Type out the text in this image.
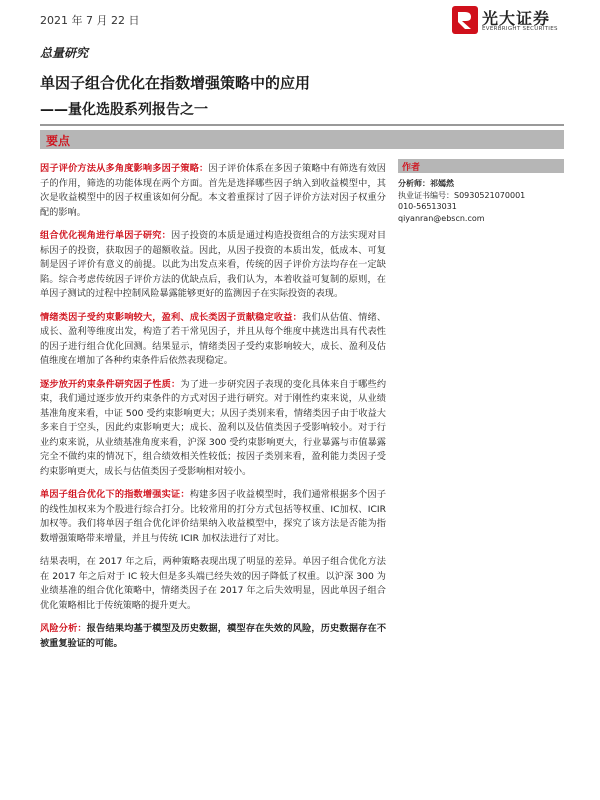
2021 年 7 月 22 日	光大证券
EVERBRIGHT SECURITIES
总量研究
单因子组合优化在指数增强策略中的应用
——量化选股系列报告之一
要点

因子评价方法从多角度影响多因子策略：因子评价体系在多因子策略中有筛选有效因子的作用，筛选的功能体现在两个方面。首先是选择哪些因子纳入到收益模型中，其次是收益模型中的因子权重该如何分配。本文着重探讨了因子评价方法对因子权重分配的影响。

组合优化视角进行单因子研究：因子投资的本质是通过构造投资组合的方法实现对目标因子的投资，获取因子的超额收益。因此，从因子投资的本质出发，低成本、可复制是因子评价有意义的前提。以此为出发点来看，传统的因子评价方法均存在一定缺陷。综合考虑传统因子评价方法的优缺点后，我们认为，本着收益可复制的原则，在单因子测试的过程中控制风险暴露能够更好的监测因子在实际投资的表现。

情绪类因子受约束影响较大，盈利、成长类因子贡献稳定收益：我们从估值、情绪、成长、盈利等维度出发，构造了若干常见因子，并且从每个维度中挑选出具有代表性的因子进行组合优化回测。结果显示，情绪类因子受约束影响较大，成长、盈利及估值维度在增加了各种约束条件后依然表现稳定。

逐步放开约束条件研究因子性质：为了进一步研究因子表现的变化具体来自于哪些约束，我们通过逐步放开约束条件的方式对因子进行研究。对于刚性约束来说，从业绩基准角度来看，中证 500 受约束影响更大；从因子类别来看，情绪类因子由于收益大多来自于空头，因此约束影响更大；成长、盈利以及估值类因子受影响较小。对于行业约束来说，从业绩基准角度来看，沪深 300 受约束影响更大，行业暴露与市值暴露完全不做约束的情况下，组合绩效相关性较低；按因子类别来看，盈利能力类因子受约束影响更大，成长与估值类因子受影响相对较小。

单因子组合优化下的指数增强实证：构建多因子收益模型时，我们通常根据多个因子的线性加权来为个股进行综合打分。比较常用的打分方式包括等权重、IC加权、ICIR 加权等。我们将单因子组合优化评价结果纳入收益模型中，探究了该方法是否能为指数增强策略带来增量，并且与传统 ICIR 加权法进行了对比。

结果表明，在 2017 年之后，两种策略表现出现了明显的差异。单因子组合优化方法在 2017 年之后对于 IC 较大但是多头端已经失效的因子降低了权重。以沪深 300 为业绩基准的组合优化策略中，情绪类因子在 2017 年之后失效明显，因此单因子组合优化策略相比于传统策略的提升更大。

风险分析：报告结果均基于模型及历史数据，模型存在失效的风险，历史数据存在不被重复验证的可能。

作者
分析师：祁嫣然
执业证书编号：S0930521070001
010-56513031
qiyanran@ebscn.com
